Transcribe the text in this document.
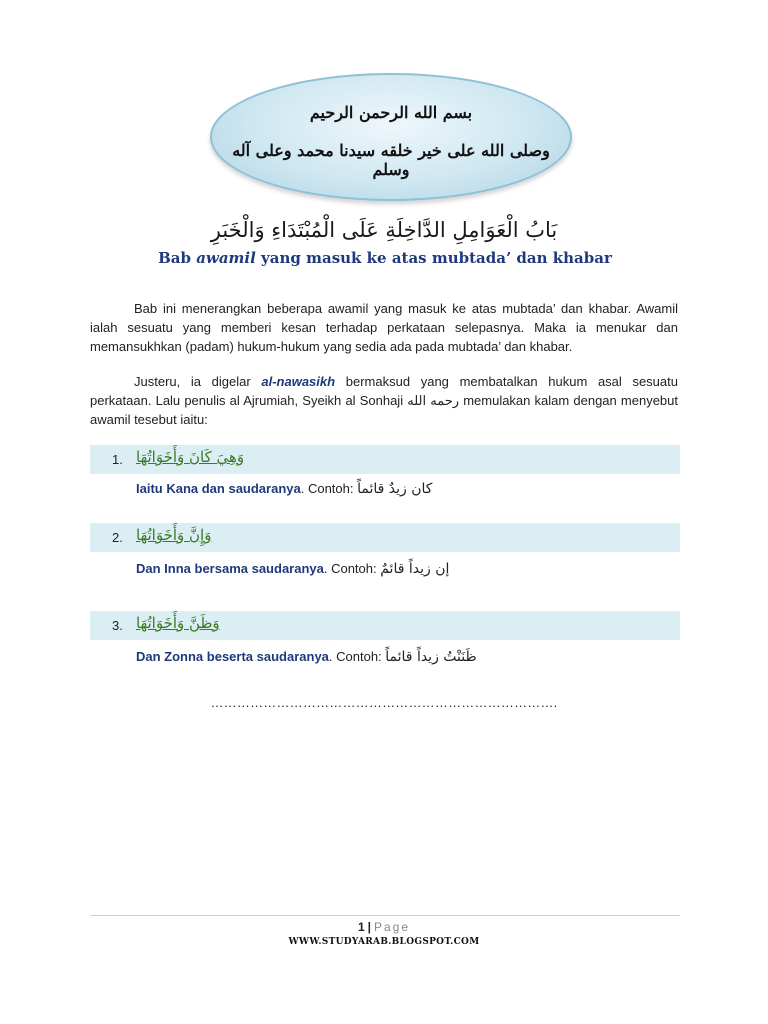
بسم الله الرحمن الرحيم
وصلى الله على خير خلقه سيدنا محمد وعلى آله وسلم
بَابُ الْعَوَامِلِ الدَّاخِلَةِ عَلَى الْمُبْتَدَاءِ وَالْخَبَرِ
Bab awamil yang masuk ke atas mubtada’ dan khabar
Bab ini menerangkan beberapa awamil yang masuk ke atas mubtada’ dan khabar. Awamil ialah sesuatu yang memberi kesan terhadap perkataan selepasnya. Maka ia menukar dan memansukhkan (padam) hukum-hukum yang sedia ada pada mubtada’ dan khabar.
Justeru, ia digelar al-nawasikh bermaksud yang membatalkan hukum asal sesuatu perkataan. Lalu penulis al Ajrumiah, Syeikh al Sonhaji رحمه الله memulakan kalam dengan menyebut awamil tesebut iaitu:
1. وَهِيَ كَانَ وَأَخَوَاتُهَا
Iaitu Kana dan saudaranya. Contoh: كان زيدٌ قائماً
2. وَإِنَّ وَأَخَوَاتُهَا
Dan Inna bersama saudaranya. Contoh: إن زيداً قائمٌ
3. وَظَنَّ وَأَخَوَاتُهَا
Dan Zonna beserta saudaranya. Contoh: ظَنَنْتُ زيداً قائماً
…………………………………………………………………….
1 | Page
WWW.STUDYARAB.BLOGSPOT.COM
